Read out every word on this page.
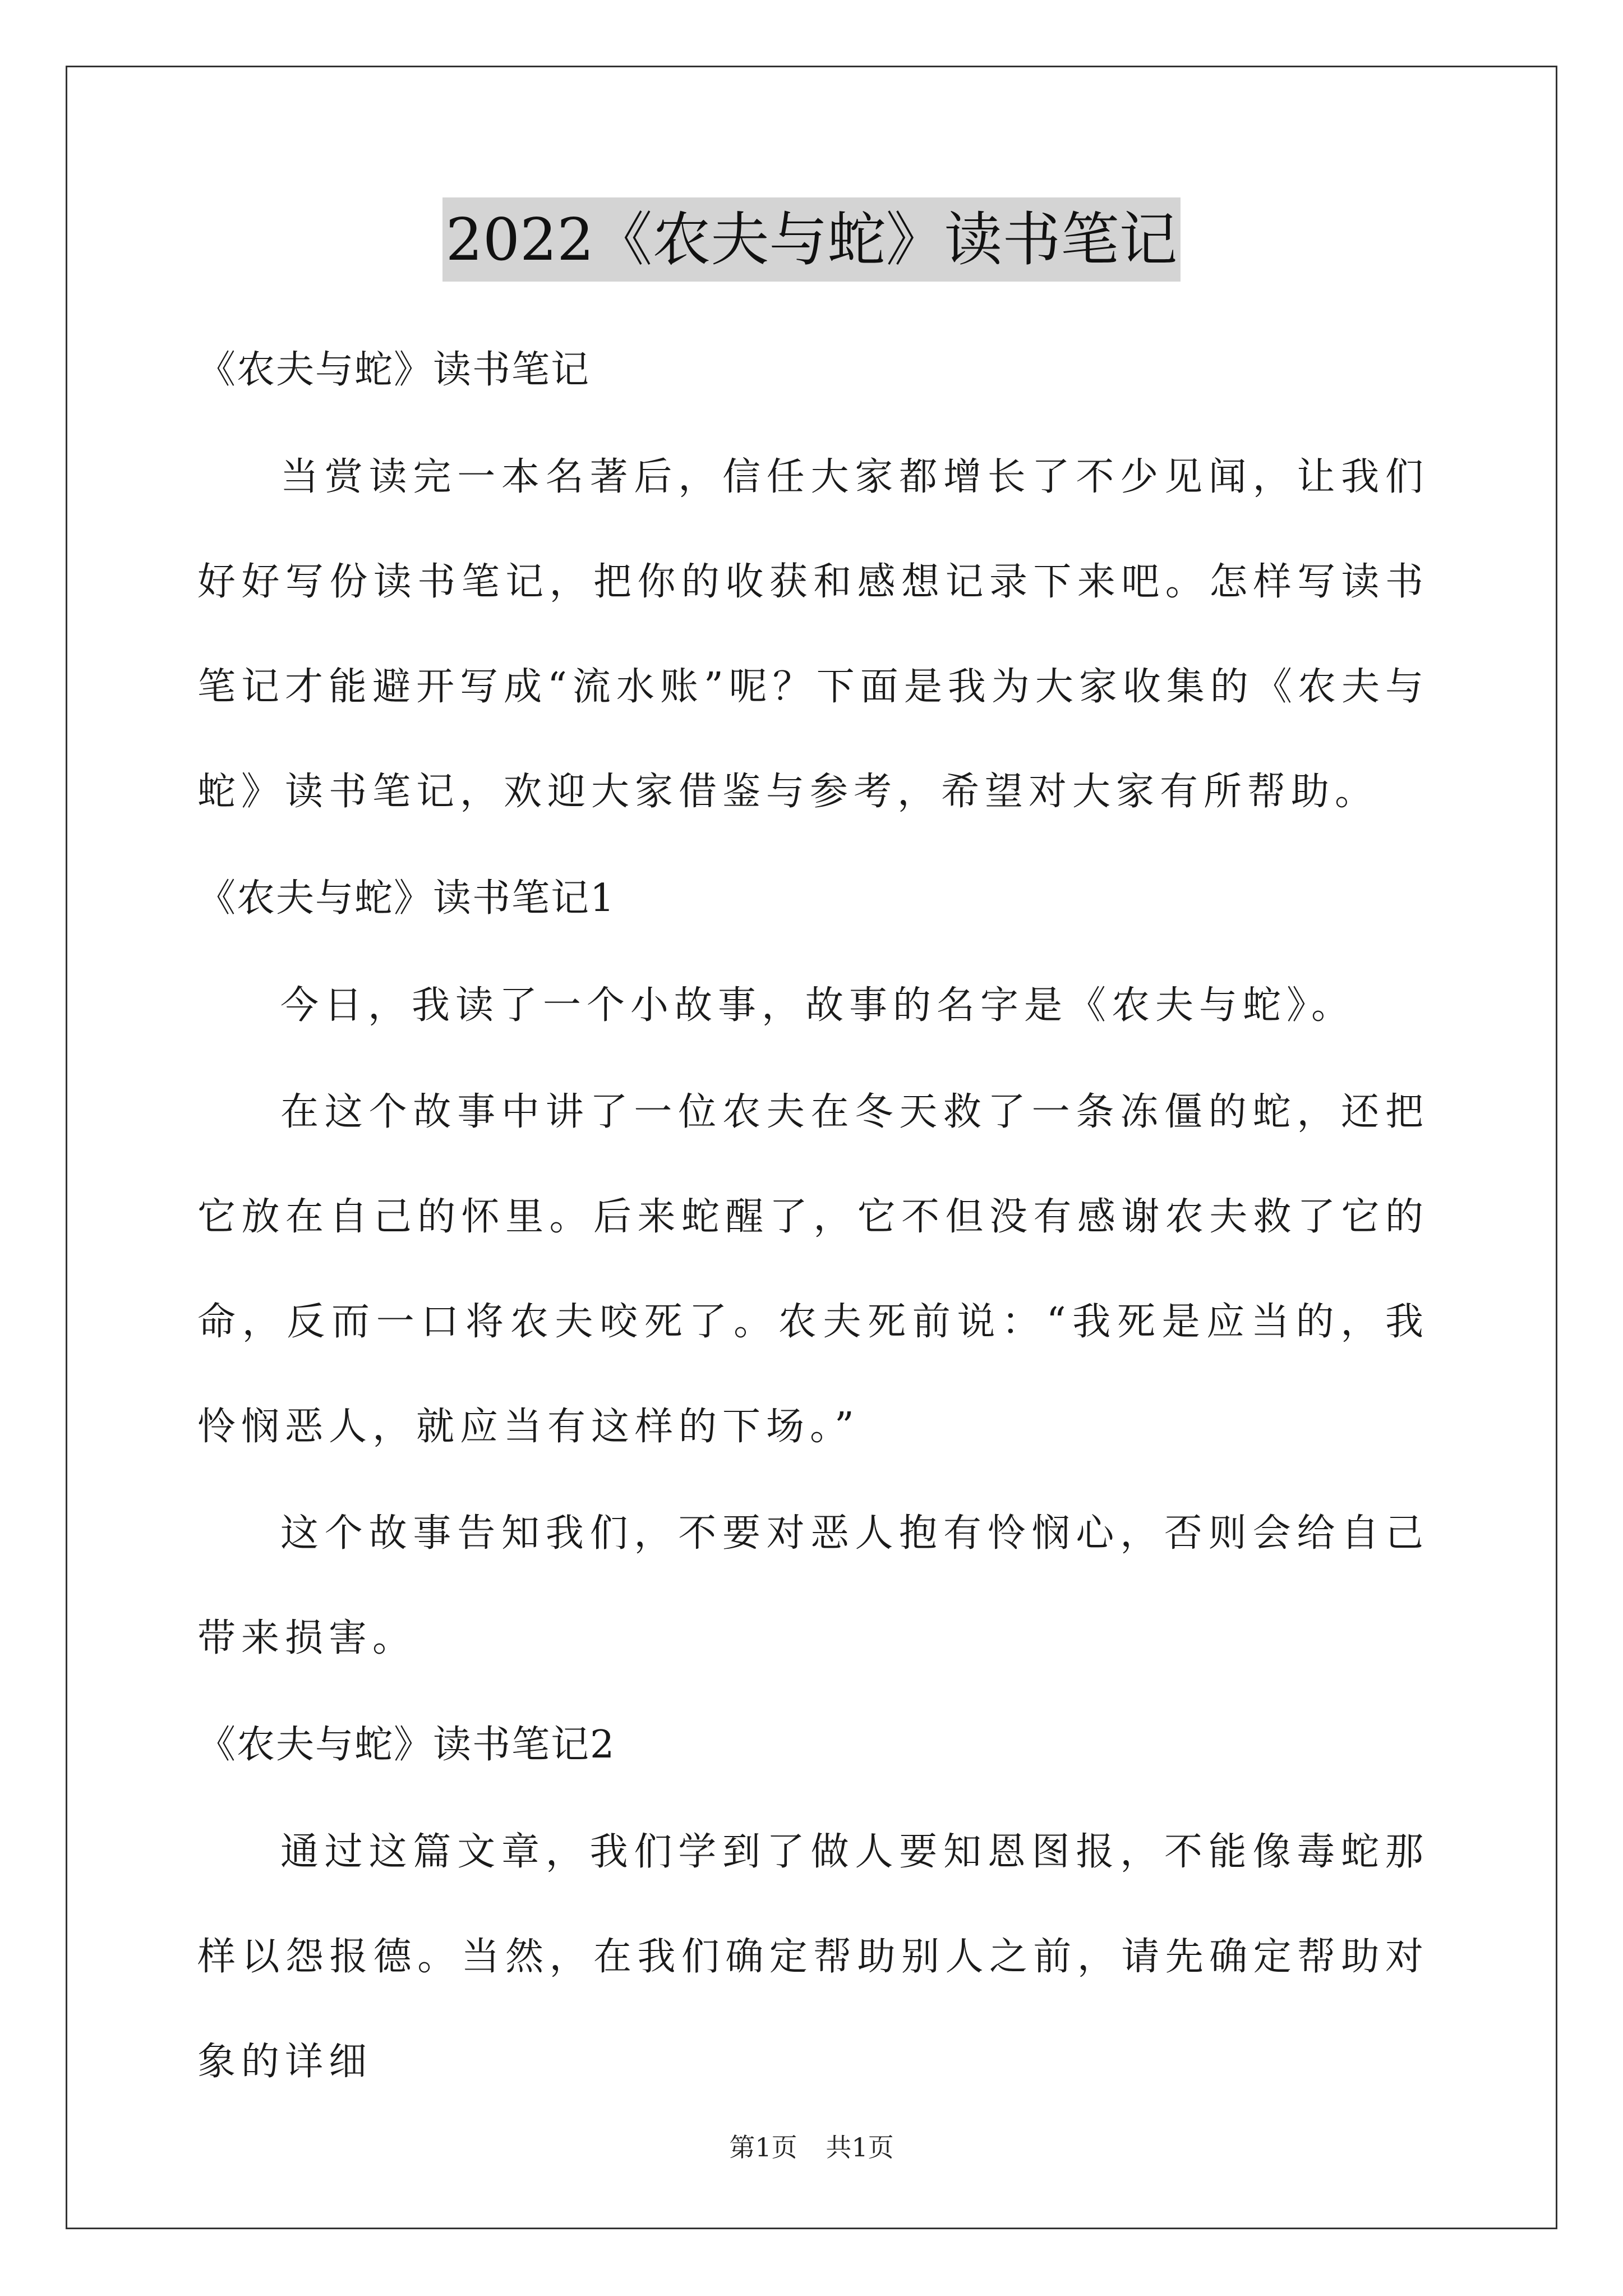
2022《农夫与蛇》读书笔记
《农夫与蛇》读书笔记

当赏读完一本名著后，信任大家都增长了不少见闻，让我们好好写份读书笔记，把你的收获和感想记录下来吧。怎样写读书笔记才能避开写成“流水账”呢？下面是我为大家收集的《农夫与蛇》读书笔记，欢迎大家借鉴与参考，希望对大家有所帮助。

《农夫与蛇》读书笔记1

今日，我读了一个小故事，故事的名字是《农夫与蛇》。

在这个故事中讲了一位农夫在冬天救了一条冻僵的蛇，还把它放在自己的怀里。后来蛇醒了，它不但没有感谢农夫救了它的命，反而一口将农夫咬死了。农夫死前说：“我死是应当的，我怜悯恶人，就应当有这样的下场。”

这个故事告知我们，不要对恶人抱有怜悯心，否则会给自己带来损害。

《农夫与蛇》读书笔记2

通过这篇文章，我们学到了做人要知恩图报，不能像毒蛇那样以怨报德。当然，在我们确定帮助别人之前，请先确定帮助对象的详细

第1页 共1页
